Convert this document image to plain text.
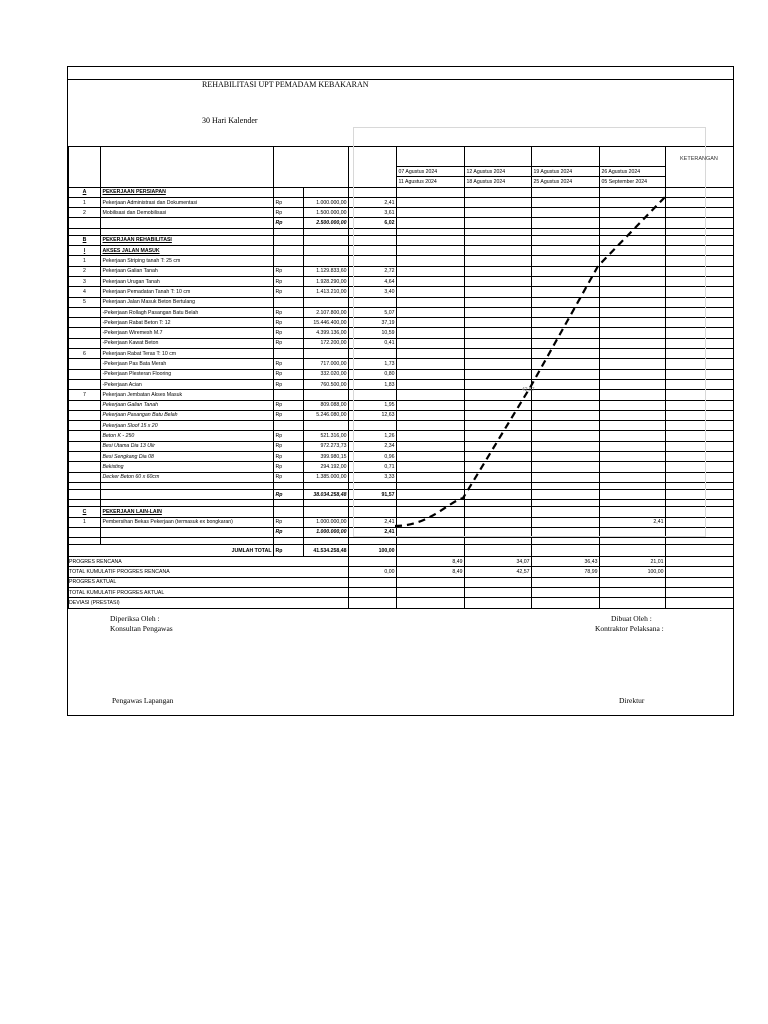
REHABILITASI UPT PEMADAM KEBAKARAN
30 Hari Kalender

					07 Agustus 2024	12 Agustus 2024	19 Agustus 2024	26 Agustus 2024	
					11 Agustus 2024	18 Agustus 2024	25 Agustus 2024	05 September 2024	
A	PEKERJAAN PERSIAPAN								
1	Pekerjaan Administrasi dan Dokumentasi	Rp	1.000.000,00	2,41					
2	Mobilisasi dan Demobilisasi	Rp	1.500.000,00	3,61					
		Rp	2.500.000,00	6,02					

B	PEKERJAAN REHABILITASI								
I	AKSES JALAN MASUK								
1	Pekerjaan Striping tanah T: 25 cm								
2	Pekerjaan Galian Tanah	Rp	1.129.833,60	2,72					
3	Pekerjaan Urugan Tanah	Rp	1.928.290,00	4,64					
4	Pekerjaan Pemadatan Tanah T: 10 cm	Rp	1.413.210,00	3,40					
5	Pekerjaan Jalan Masuk Beton Bertulang								
	-Pekerjaan Rollagh Pasangan Batu Belah	Rp	2.107.800,00	5,07					
	-Pekerjaan Rabat Beton T: 12	Rp	15.446.400,00	37,19					
	-Pekerjaan Wiremesh M.7	Rp	4.399.136,00	10,59					
	-Pekerjaan Kawat Beton	Rp	172.200,00	0,41					
6	Pekerjaan Rabat Teras T: 10 cm								
	-Pekerjaan Pas Bata Merah	Rp	717.000,00	1,73					
	-Pekerjaan Plesteran Flooring	Rp	332.020,00	0,80					
	-Pekerjaan Acian	Rp	760.500,00	1,83					
7	Pekerjaan Jembatan Akses Masuk								
	Pekerjaan Galian Tanah	Rp	809.088,00	1,95					
	Pekerjaan Pasangan Batu Belah	Rp	5.246.080,00	12,63					
	Pekerjaan Sloof 15 x 20								
	Beton K - 250	Rp	521.316,00	1,26					
	Besi Utama Dia 13 Ulir	Rp	972.273,73	2,34					
	Besi Sengkang Dia 08	Rp	399.980,15	0,96					
	Bekisting	Rp	294.192,00	0,71					
	Decker Beton 60 x 60cm	Rp	1.385.000,00	3,33					

		Rp	38.034.258,48	91,57					

C	PEKERJAAN LAIN-LAIN								
1	Pembersihan Bekas Pekerjaan (termasuk ex bongkaran)	Rp	1.000.000,00	2,41				2,41	
		Rp	1.000.000,00	2,41					

JUMLAH TOTAL		Rp	41.534.258,48	100,00					
PROGRES RENCANA					8,49	34,07	36,43	21,01	
TOTAL KUMULATIF PROGRES RENCANA				0,00	8,49	42,57	78,99	100,00	
PROGRES AKTUAL									
TOTAL KUMULATIF PROGRES AKTUAL									
DEVIASI (PRESTASI)									
Diperiksa Oleh :
Konsultan Pengawas
Pengawas Lapangan
Dibuat Oleh :
Kontraktor Pelaksana :
Direktur
KETERANGAN
42,57
